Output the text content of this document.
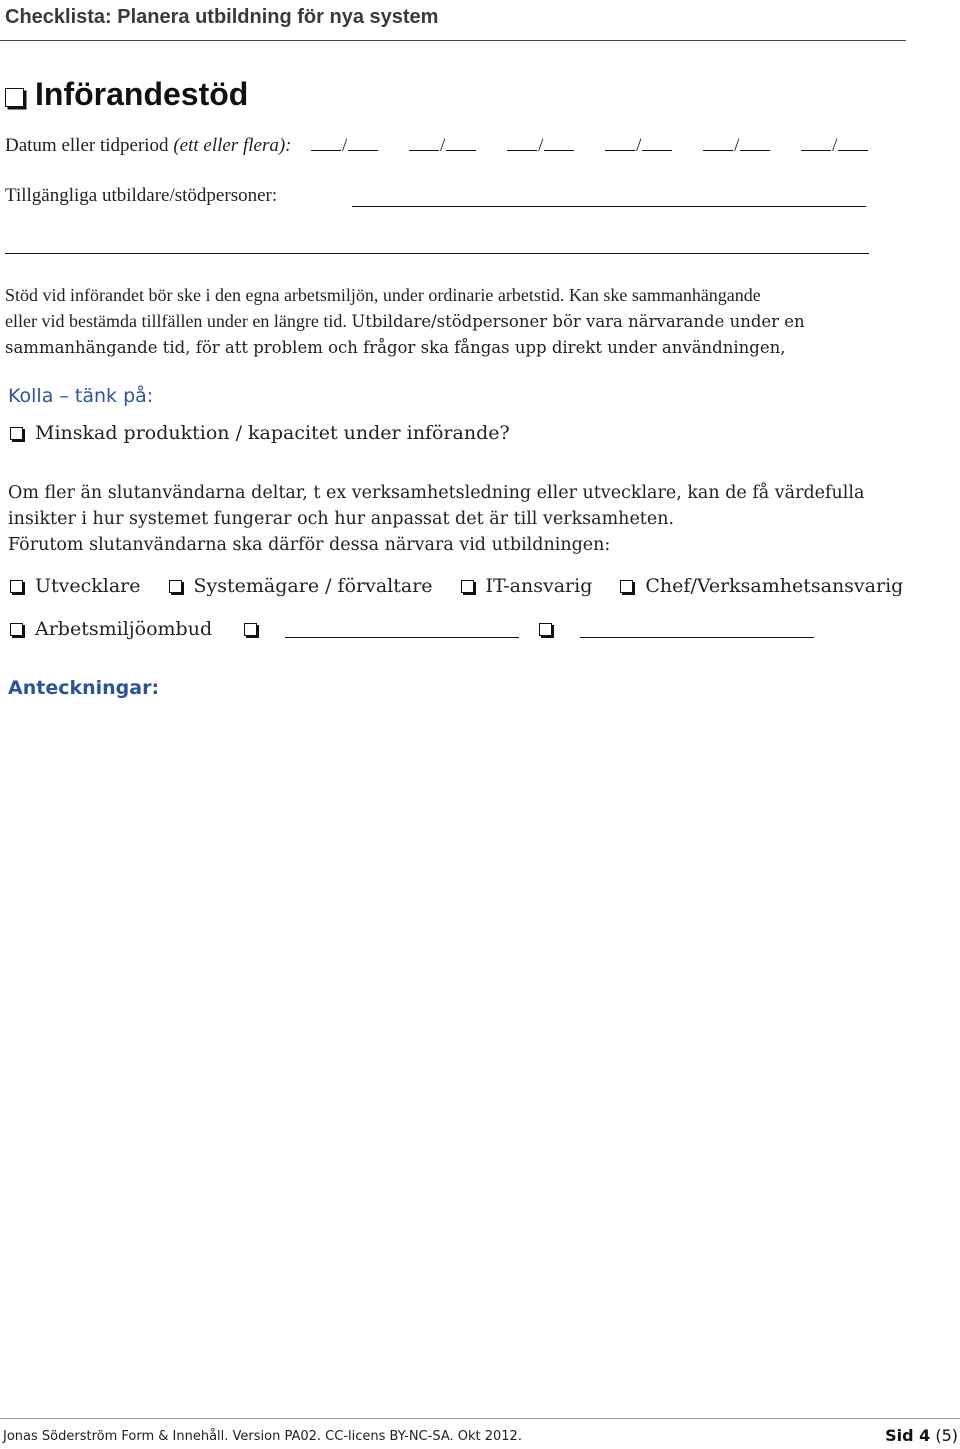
Checklista: Planera utbildning för nya system
Införandestöd
Datum eller tidperiod (ett eller flera):	/	/	/	/	/	/
Tillgängliga utbildare/stödpersoner:
Stöd vid införandet bör ske i den egna arbetsmiljön, under ordinarie arbetstid. Kan ske sammanhängande
eller vid bestämda tillfällen under en längre tid. Utbildare/stödpersoner bör vara närvarande under en
sammanhängande tid, för att problem och frågor ska fångas upp direkt under användningen,
Kolla – tänk på:
Minskad produktion / kapacitet under införande?
Om fler än slutanvändarna deltar, t ex verksamhetsledning eller utvecklare, kan de få värdefulla
insikter i hur systemet fungerar och hur anpassat det är till verksamheten.
Förutom slutanvändarna ska därför dessa närvara vid utbildningen:
Utvecklare	Systemägare / förvaltare	IT-ansvarig	Chef/Verksamhetsansvarig
Arbetsmiljöombud
Anteckningar:
Jonas Söderström Form & Innehåll. Version PA02. CC-licens BY-NC-SA. Okt 2012.	Sid 4 (5)
